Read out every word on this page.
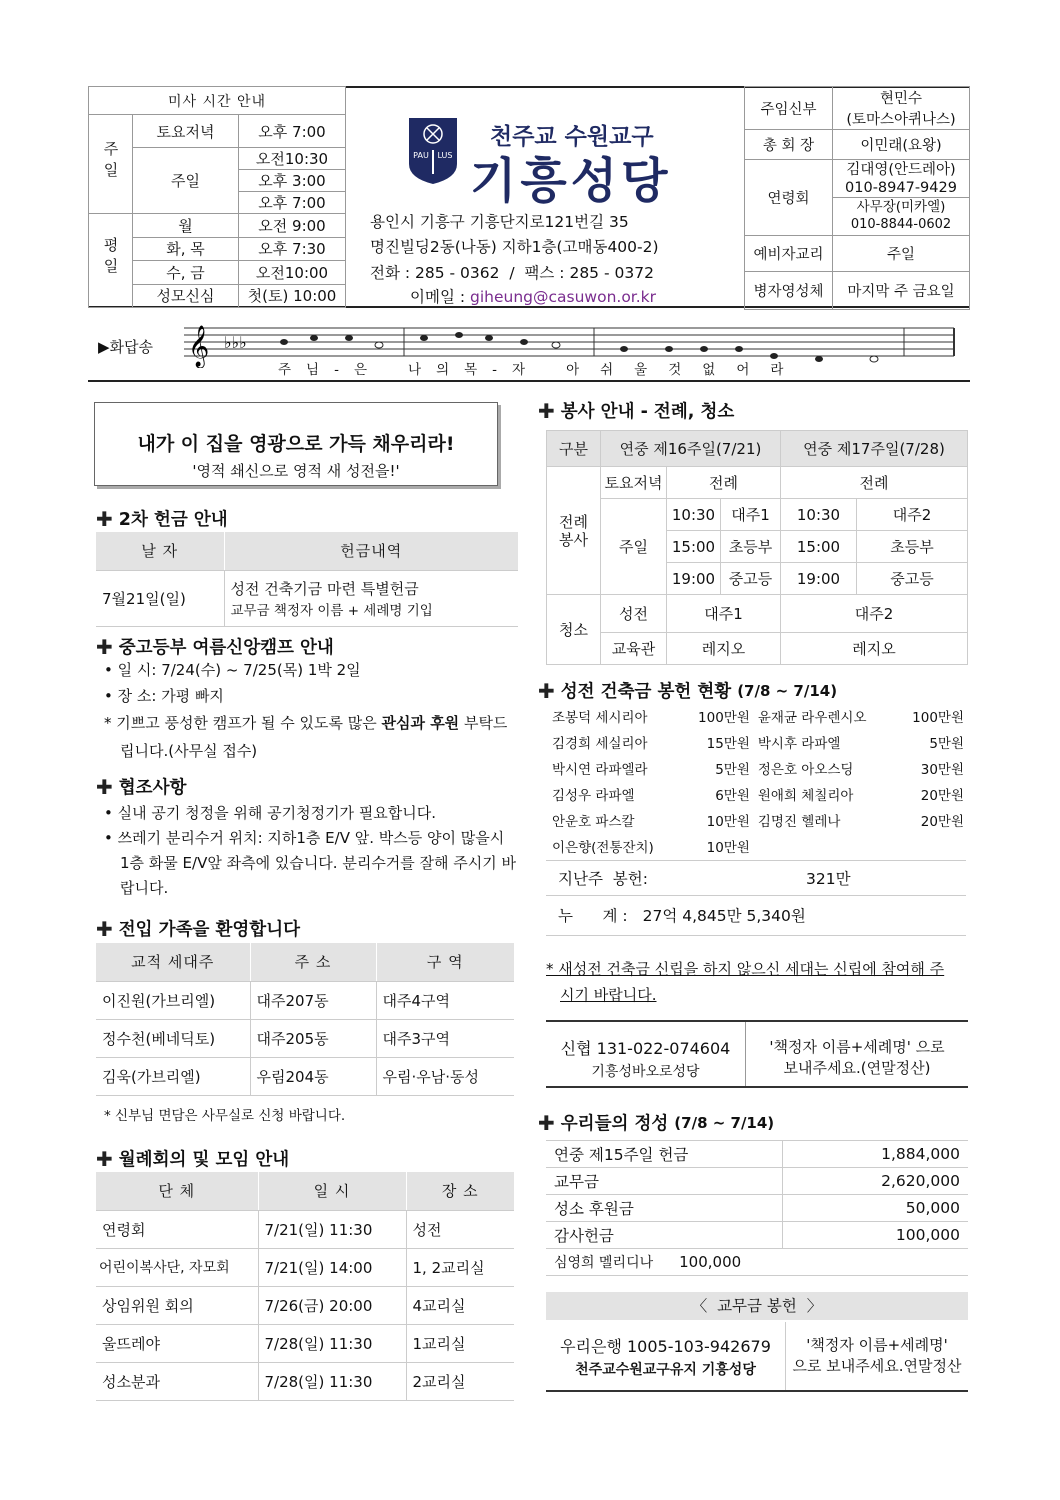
미사 시간 안내		
주일	토요저녁	오후 7:00
	주일	오전10:30
		오후 3:00
		오후 7:00
평일	월	오전 9:00
	화, 목	오후 7:30
	수, 금	오전10:00
	성모신심	첫(토) 10:00
PAU LUS
천주교 수원교구
기흥성당
용인시 기흥구 기흥단지로121번길 35
명진빌딩2동(나동) 지하1층(고매동400-2)
전화 : 285 - 0362  /  팩스 : 285 - 0372
이메일 : giheung@casuwon.or.kr
주임신부	현민수
(토마스아퀴나스)

총 회 장	이민래(요왕)
연령회	김대영(안드레아)
010-8947-9429
사무장(미카엘)
010-8844-0602

예비자교리	주일
병자영성체	마지막 주 금요일
▶화답송 𝄞 ♭♭♭
주 님 - 은	나 의 목 - 자	아 쉬 울 것 없 어 라
내가 이 집을 영광으로 가득 채우리라!
'영적 쇄신으로 영적 새 성전을!'
✚ 2차 헌금 안내
날 자	헌금내역
7월21일(일)	성전 건축기금 마련 특별헌금
교무금 책정자 이름 + 세례명 기입
✚ 중고등부 여름신앙캠프 안내
• 일 시: 7/24(수) ~ 7/25(목) 1박 2일
• 장 소: 가평 빠지
* 기쁘고 풍성한 캠프가 될 수 있도록 많은 관심과 후원 부탁드립니다.(사무실 접수)
✚ 협조사항
• 실내 공기 청정을 위해 공기청정기가 필요합니다.
• 쓰레기 분리수거 위치: 지하1층 E/V 앞. 박스등 양이 많을시 1층 화물 E/V앞 좌측에 있습니다. 분리수거를 잘해 주시기 바랍니다.
✚ 전입 가족을 환영합니다
교적 세대주	주 소	구 역
이진원(가브리엘)	대주207동	대주4구역
정수천(베네딕토)	대주205동	대주3구역
김욱(가브리엘)	우림204동	우림·우남·동성
* 신부님 면담은 사무실로 신청 바랍니다.
✚ 월례회의 및 모임 안내
단 체	일 시	장 소
연령회	7/21(일) 11:30	성전
어린이복사단, 자모회	7/21(일) 14:00	1, 2교리실
상임위원 회의	7/26(금) 20:00	4교리실
울뜨레야	7/28(일) 11:30	1교리실
성소분과	7/28(일) 11:30	2교리실
✚ 봉사 안내 - 전례, 청소
구분	연중 제16주일(7/21)			연중 제17주일(7/28)	

전례봉사	토요저녁	전례		전례	
	주일	10:30	대주1	10:30	대주2
		15:00	초등부	15:00	초등부
		19:00	중고등	19:00	중고등
청소	성전	대주1		대주2	
	교육관	레지오		레지오	
✚ 성전 건축금 봉헌 현황 (7/8 ~ 7/14)
조봉덕 세시리아	100만원	윤재균 라우렌시오	100만원
김경희 세실리아	15만원	박시후 라파엘	5만원
박시연 라파엘라	5만원	정은호 아오스딩	30만원
김성우 라파엘	6만원	원애희 체칠리아	20만원
안운호 파스칼	10만원	김명진 헬레나	20만원
이은향(전통잔치)	10만원		
지난주  봉헌:	321만
누      계 : 27억 4,845만 5,340원
* 새성전 건축금 신립을 하지 않으신 세대는 신립에 참여해 주시기 바랍니다.
신협 131-022-074604
기흥성바오로성당
'책정자 이름+세례명' 으로
보내주세요.(연말정산)
✚ 우리들의 정성 (7/8 ~ 7/14)
연중 제15주일 헌금	1,884,000
교무금	2,620,000
성소 후원금	50,000
감사헌금	100,000
심영희 멜리디나 100,000	
〈  교무금 봉헌  〉
우리은행 1005-103-942679
천주교수원교구유지 기흥성당
'책정자 이름+세례명'
으로 보내주세요.연말정산
